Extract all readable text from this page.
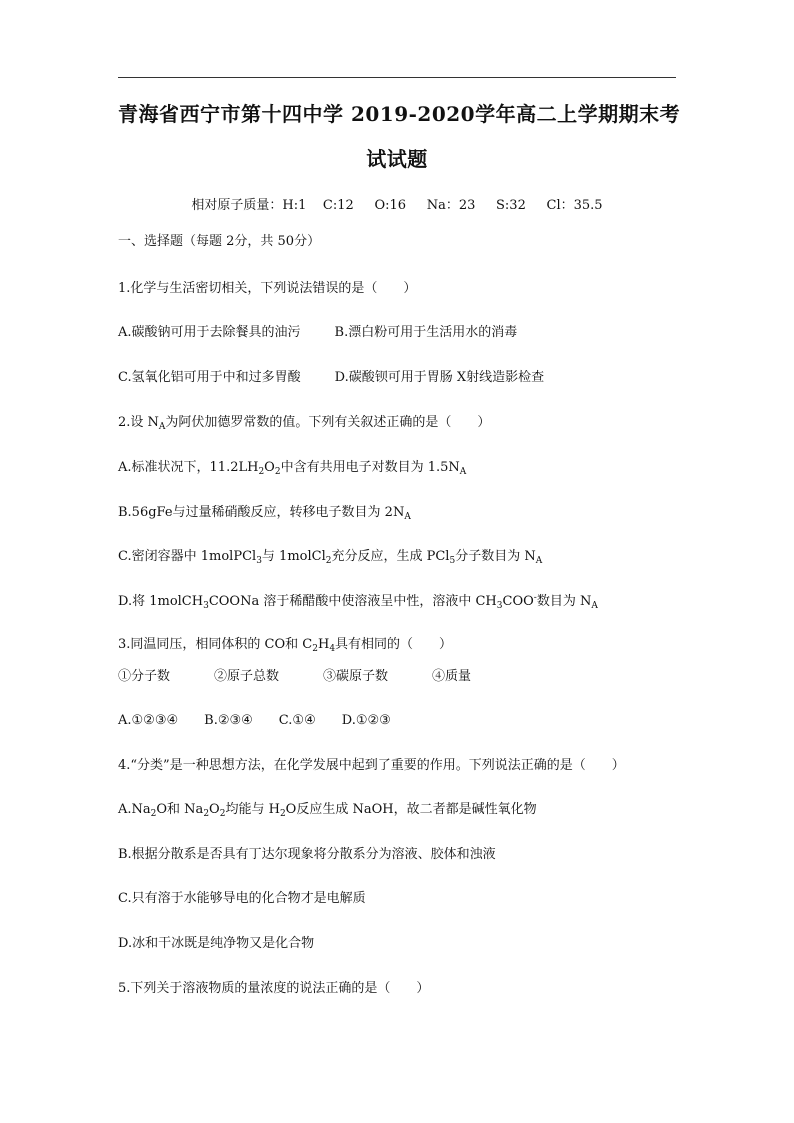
青海省西宁市第十四中学 2019-2020学年高二上学期期末考
试试题
相对原子质量：H:1    C:12     O:16     Na：23     S:32     Cl：35.5
一、选择题（每题 2分，共 50分）
1.化学与生活密切相关，下列说法错误的是（　　）
A.碳酸钠可用于去除餐具的油污	B.漂白粉可用于生活用水的消毒
C.氢氧化铝可用于中和过多胃酸	D.碳酸钡可用于胃肠 X射线造影检查
2.设 $N_A$为阿伏加德罗常数的值。下列有关叙述正确的是（　　）
A.标准状况下，$11.2LH_2O_2$中含有共用电子对数目为 $1.5N_A$
B.56gFe与过量稀硝酸反应，转移电子数目为 $2N_A$
C.密闭容器中 1molPCl$_3$与 1molCl$_2$充分反应，生成 PCl$_5$分子数目为 $N_A$
D.将 1molCH$_3$COONa 溶于稀醋酸中使溶液呈中性，溶液中 $CH_3COO^-$数目为 $N_A$
3.同温同压，相同体积的 CO和 $C_2H_4$具有相同的（　　）
①分子数	②原子总数	③碳原子数	④质量
A.①②③④ B.②③④ C.①④ D.①②③
4.“分类”是一种思想方法，在化学发展中起到了重要的作用。下列说法正确的是（　　）
$A.Na_2O$和 $Na_2O_2$均能与 $H_2O$反应生成 NaOH，故二者都是碱性氧化物
B.根据分散系是否具有丁达尔现象将分散系分为溶液、胶体和浊液
C.只有溶于水能够导电的化合物才是电解质
D.冰和干冰既是纯净物又是化合物
5.下列关于溶液物质的量浓度的说法正确的是（　　）
